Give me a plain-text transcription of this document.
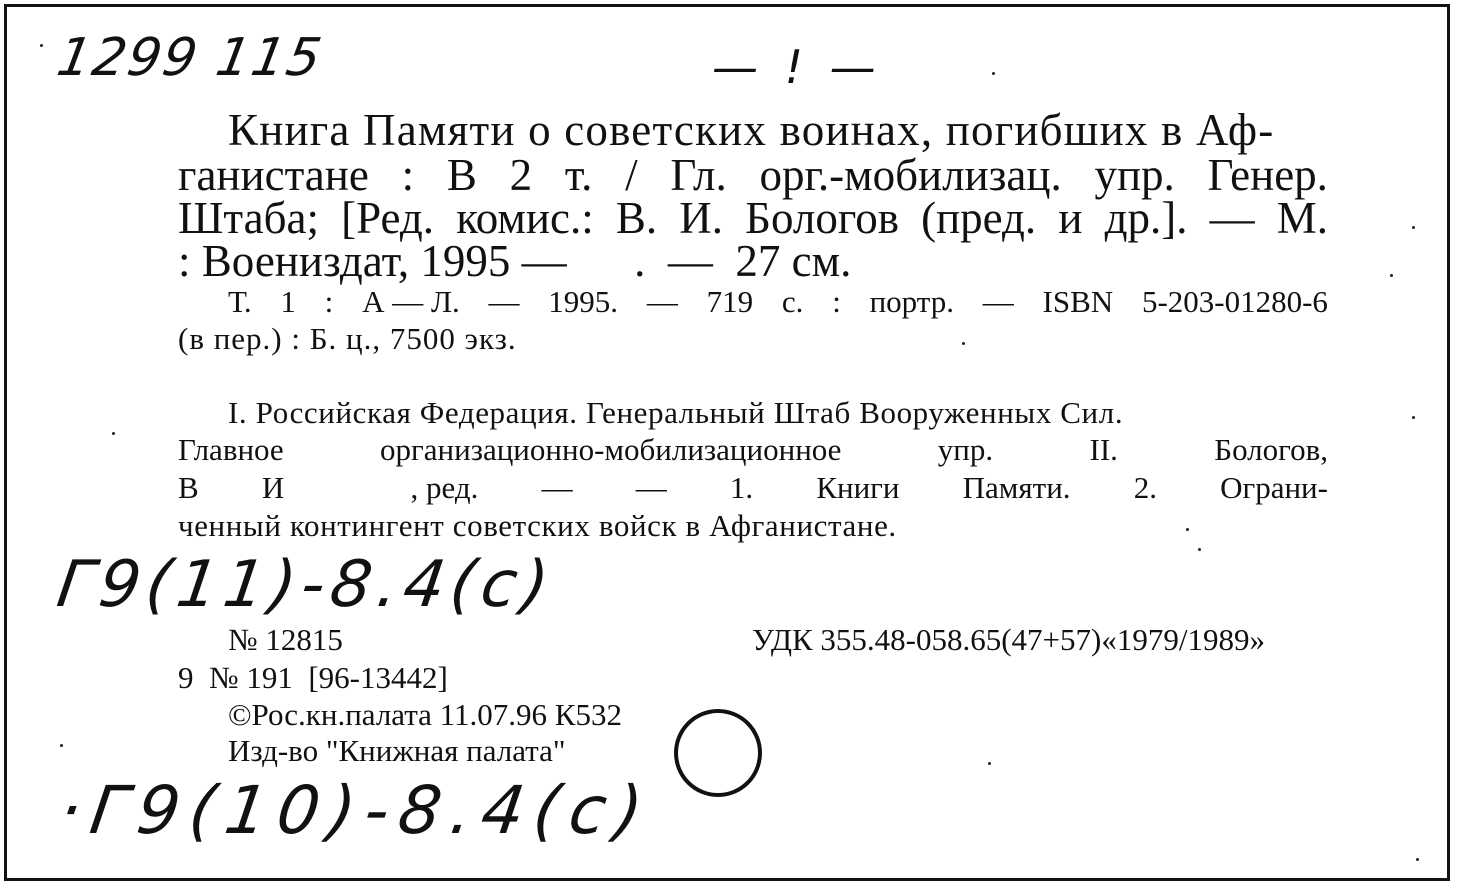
1299 115	— ! —
Книга Памяти о советских воинах, погибших в Аф-
ганистане : В 2 т. / Гл. орг.-мобилизац. упр. Генер.
Штаба; [Ред. комис.: В. И. Бологов (пред. и др.]. — М.
: Воениздат, 1995 —      .  —  27 см.
Т. 1 : А — Л. — 1995. — 719 с. : портр. — ISBN 5-203-01280-6
(в пер.) : Б. ц., 7500 экз.
I. Российская Федерация. Генеральный Штаб Вооруженных Сил.
Главное	организационно-мобилизационное	упр.	II.	Бологов,
В И	, ред. — — 1. Книги Памяти. 2. Ограни-
ченный контингент советских войск в Афганистане.
Г9(11)-8.4(с)
№ 12815	УДК 355.48-058.65(47+57)«1979/1989»
9  № 191  [96-13442]
©Рос.кн.палата 11.07.96 К532
Изд-во "Книжная палата"
·Г9(10)-8.4(с)
